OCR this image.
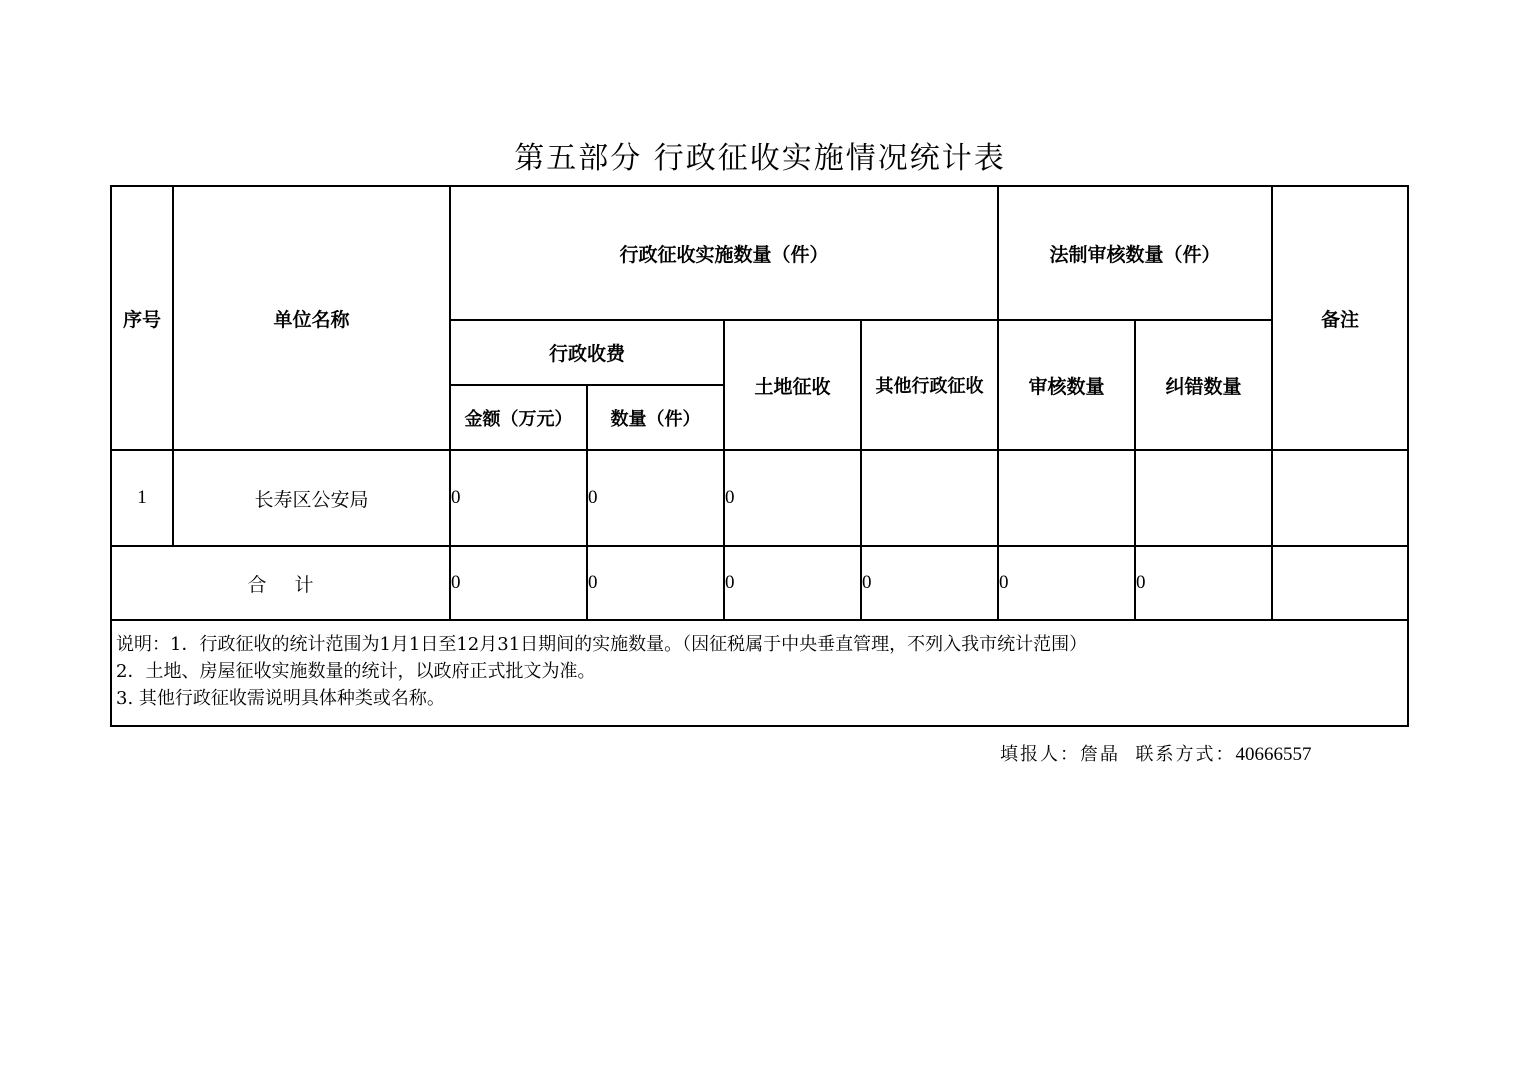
第五部分 行政征收实施情况统计表
序号	单位名称	行政征收实施数量（件）				法制审核数量（件）		备注
		行政收费		土地征收	其他行政征收	审核数量	纠错数量	
		金额（万元）	数量（件）					
1	长寿区公安局	0	0	0				
合计		0	0	0	0	0	0	

说明：1．行政征收的统计范围为1月1日至12月31日期间的实施数量。（因征税属于中央垂直管理，不列入我市统计范围）
2．土地、房屋征收实施数量的统计，以政府正式批文为准。
3. 其他行政征收需说明具体种类或名称。								
填报人：詹晶 联系方式：40666557
